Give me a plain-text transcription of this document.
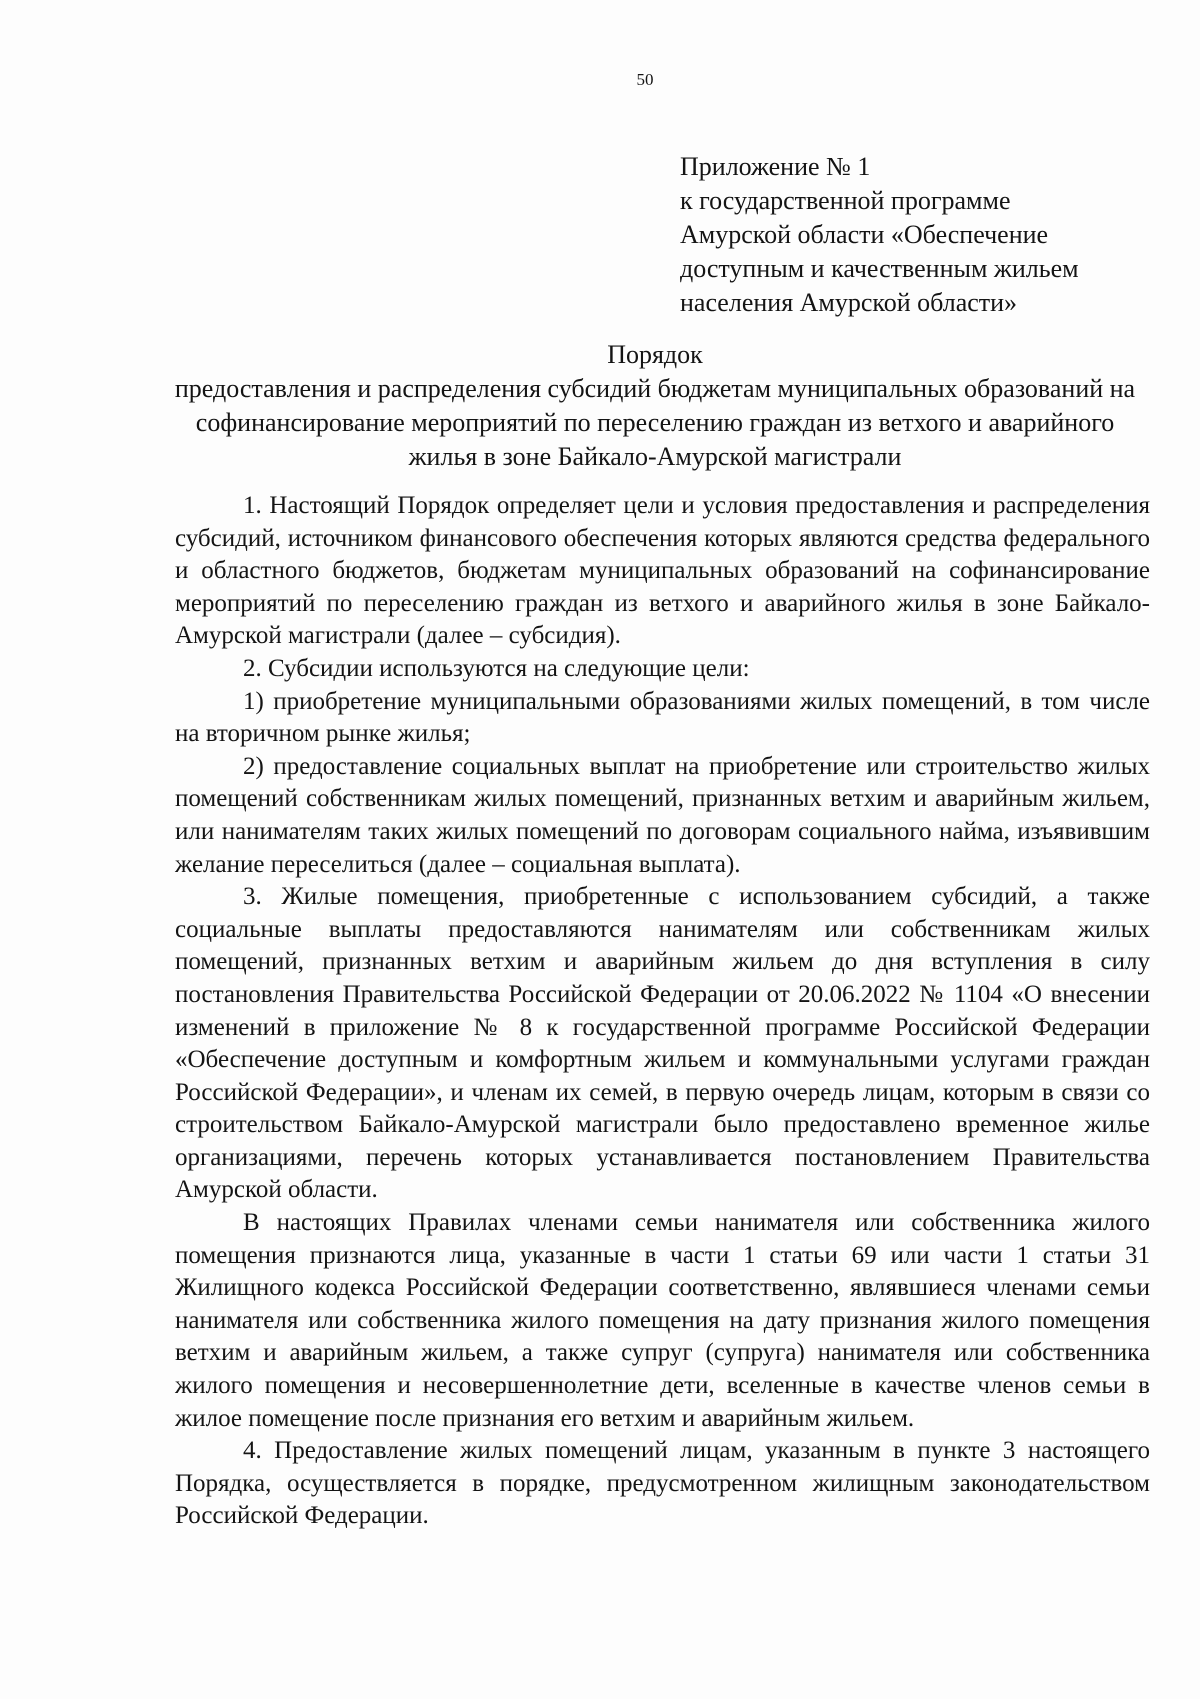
50
Приложение № 1
к государственной программе
Амурской области «Обеспечение
доступным и качественным жильем
населения Амурской области»
Порядок
предоставления и распределения субсидий бюджетам муниципальных образований на софинансирование мероприятий по переселению граждан из ветхого и аварийного жилья в зоне Байкало-Амурской магистрали

1. Настоящий Порядок определяет цели и условия предоставления и распределения субсидий, источником финансового обеспечения которых являются средства федерального и областного бюджетов, бюджетам муниципальных образований на софинансирование мероприятий по переселению граждан из ветхого и аварийного жилья в зоне Байкало-Амурской магистрали (далее – субсидия).

2. Субсидии используются на следующие цели:

1) приобретение муниципальными образованиями жилых помещений, в том числе на вторичном рынке жилья;

2) предоставление социальных выплат на приобретение или строительство жилых помещений собственникам жилых помещений, признанных ветхим и аварийным жильем, или нанимателям таких жилых помещений по договорам социального найма, изъявившим желание переселиться (далее – социальная выплата).

3. Жилые помещения, приобретенные с использованием субсидий, а также социальные выплаты предоставляются нанимателям или собственникам жилых помещений, признанных ветхим и аварийным жильем до дня вступления в силу постановления Правительства Российской Федерации от 20.06.2022 № 1104 «О внесении изменений в приложение № 8 к государственной программе Российской Федерации «Обеспечение доступным и комфортным жильем и коммунальными услугами граждан Российской Федерации», и членам их семей, в первую очередь лицам, которым в связи со строительством Байкало-Амурской магистрали было предоставлено временное жилье организациями, перечень которых устанавливается постановлением Правительства Амурской области.

В настоящих Правилах членами семьи нанимателя или собственника жилого помещения признаются лица, указанные в части 1 статьи 69 или части 1 статьи 31 Жилищного кодекса Российской Федерации соответственно, являвшиеся членами семьи нанимателя или собственника жилого помещения на дату признания жилого помещения ветхим и аварийным жильем, а также супруг (супруга) нанимателя или собственника жилого помещения и несовершеннолетние дети, вселенные в качестве членов семьи в жилое помещение после признания его ветхим и аварийным жильем.

4. Предоставление жилых помещений лицам, указанным в пункте 3 настоящего Порядка, осуществляется в порядке, предусмотренном жилищным законодательством Российской Федерации.
